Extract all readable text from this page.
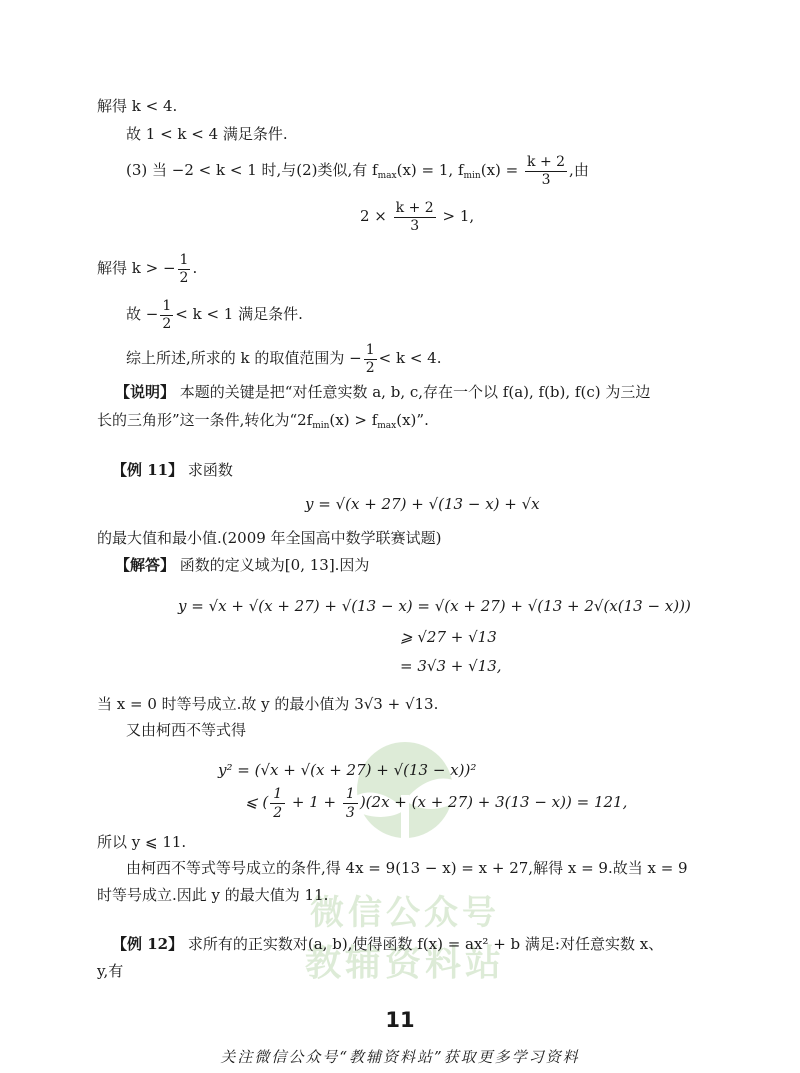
微信公众号
教辅资料站
解得 k < 4.
故 1 < k < 4 满足条件.
(3) 当 −2 < k < 1 时,与(2)类似,有 $f_{max}(x) = 1$, $f_{min}(x) = \frac{k + 2}{3}$ ,由
$2 \times \frac{k + 2}{3} > 1$,
解得 k > − $\frac{1}{2}$ .
故 − $\frac{1}{2} < k < 1$ 满足条件.
综上所述,所求的 k 的取值范围为 − $\frac{1}{2} < k < 4$.
【说明】 本题的关键是把“对任意实数 a, b, c,存在一个以 f(a), f(b), f(c) 为三边
长的三角形”这一条件,转化为“$2f_{min}(x) > f_{max}(x)$”.
【例 11】 求函数
y = √(x + 27) + √(13 − x) + √x
的最大值和最小值.(2009 年全国高中数学联赛试题)
【解答】 函数的定义域为[0, 13].因为
y = √x + √(x + 27) + √(13 − x) = √(x + 27) + √(13 + 2√(x(13 − x)))
⩾ √27 + √13
= 3√3 + √13,
当 x = 0 时等号成立.故 y 的最小值为 3√3 + √13.
又由柯西不等式得
y² = (√x + √(x + 27) + √(13 − x))²
⩽ ( $\frac{1}{2} + 1 + \frac{1}{3} )(2x + (x + 27) + 3(13 - x)) = 121$,
所以 y ⩽ 11.
由柯西不等式等号成立的条件,得 4x = 9(13 − x) = x + 27,解得 x = 9.故当 x = 9
时等号成立.因此 y 的最大值为 11.
【例 12】 求所有的正实数对(a, b),使得函数 f(x) = ax² + b 满足:对任意实数 x、
y,有
11
关注微信公众号“教辅资料站”获取更多学习资料
